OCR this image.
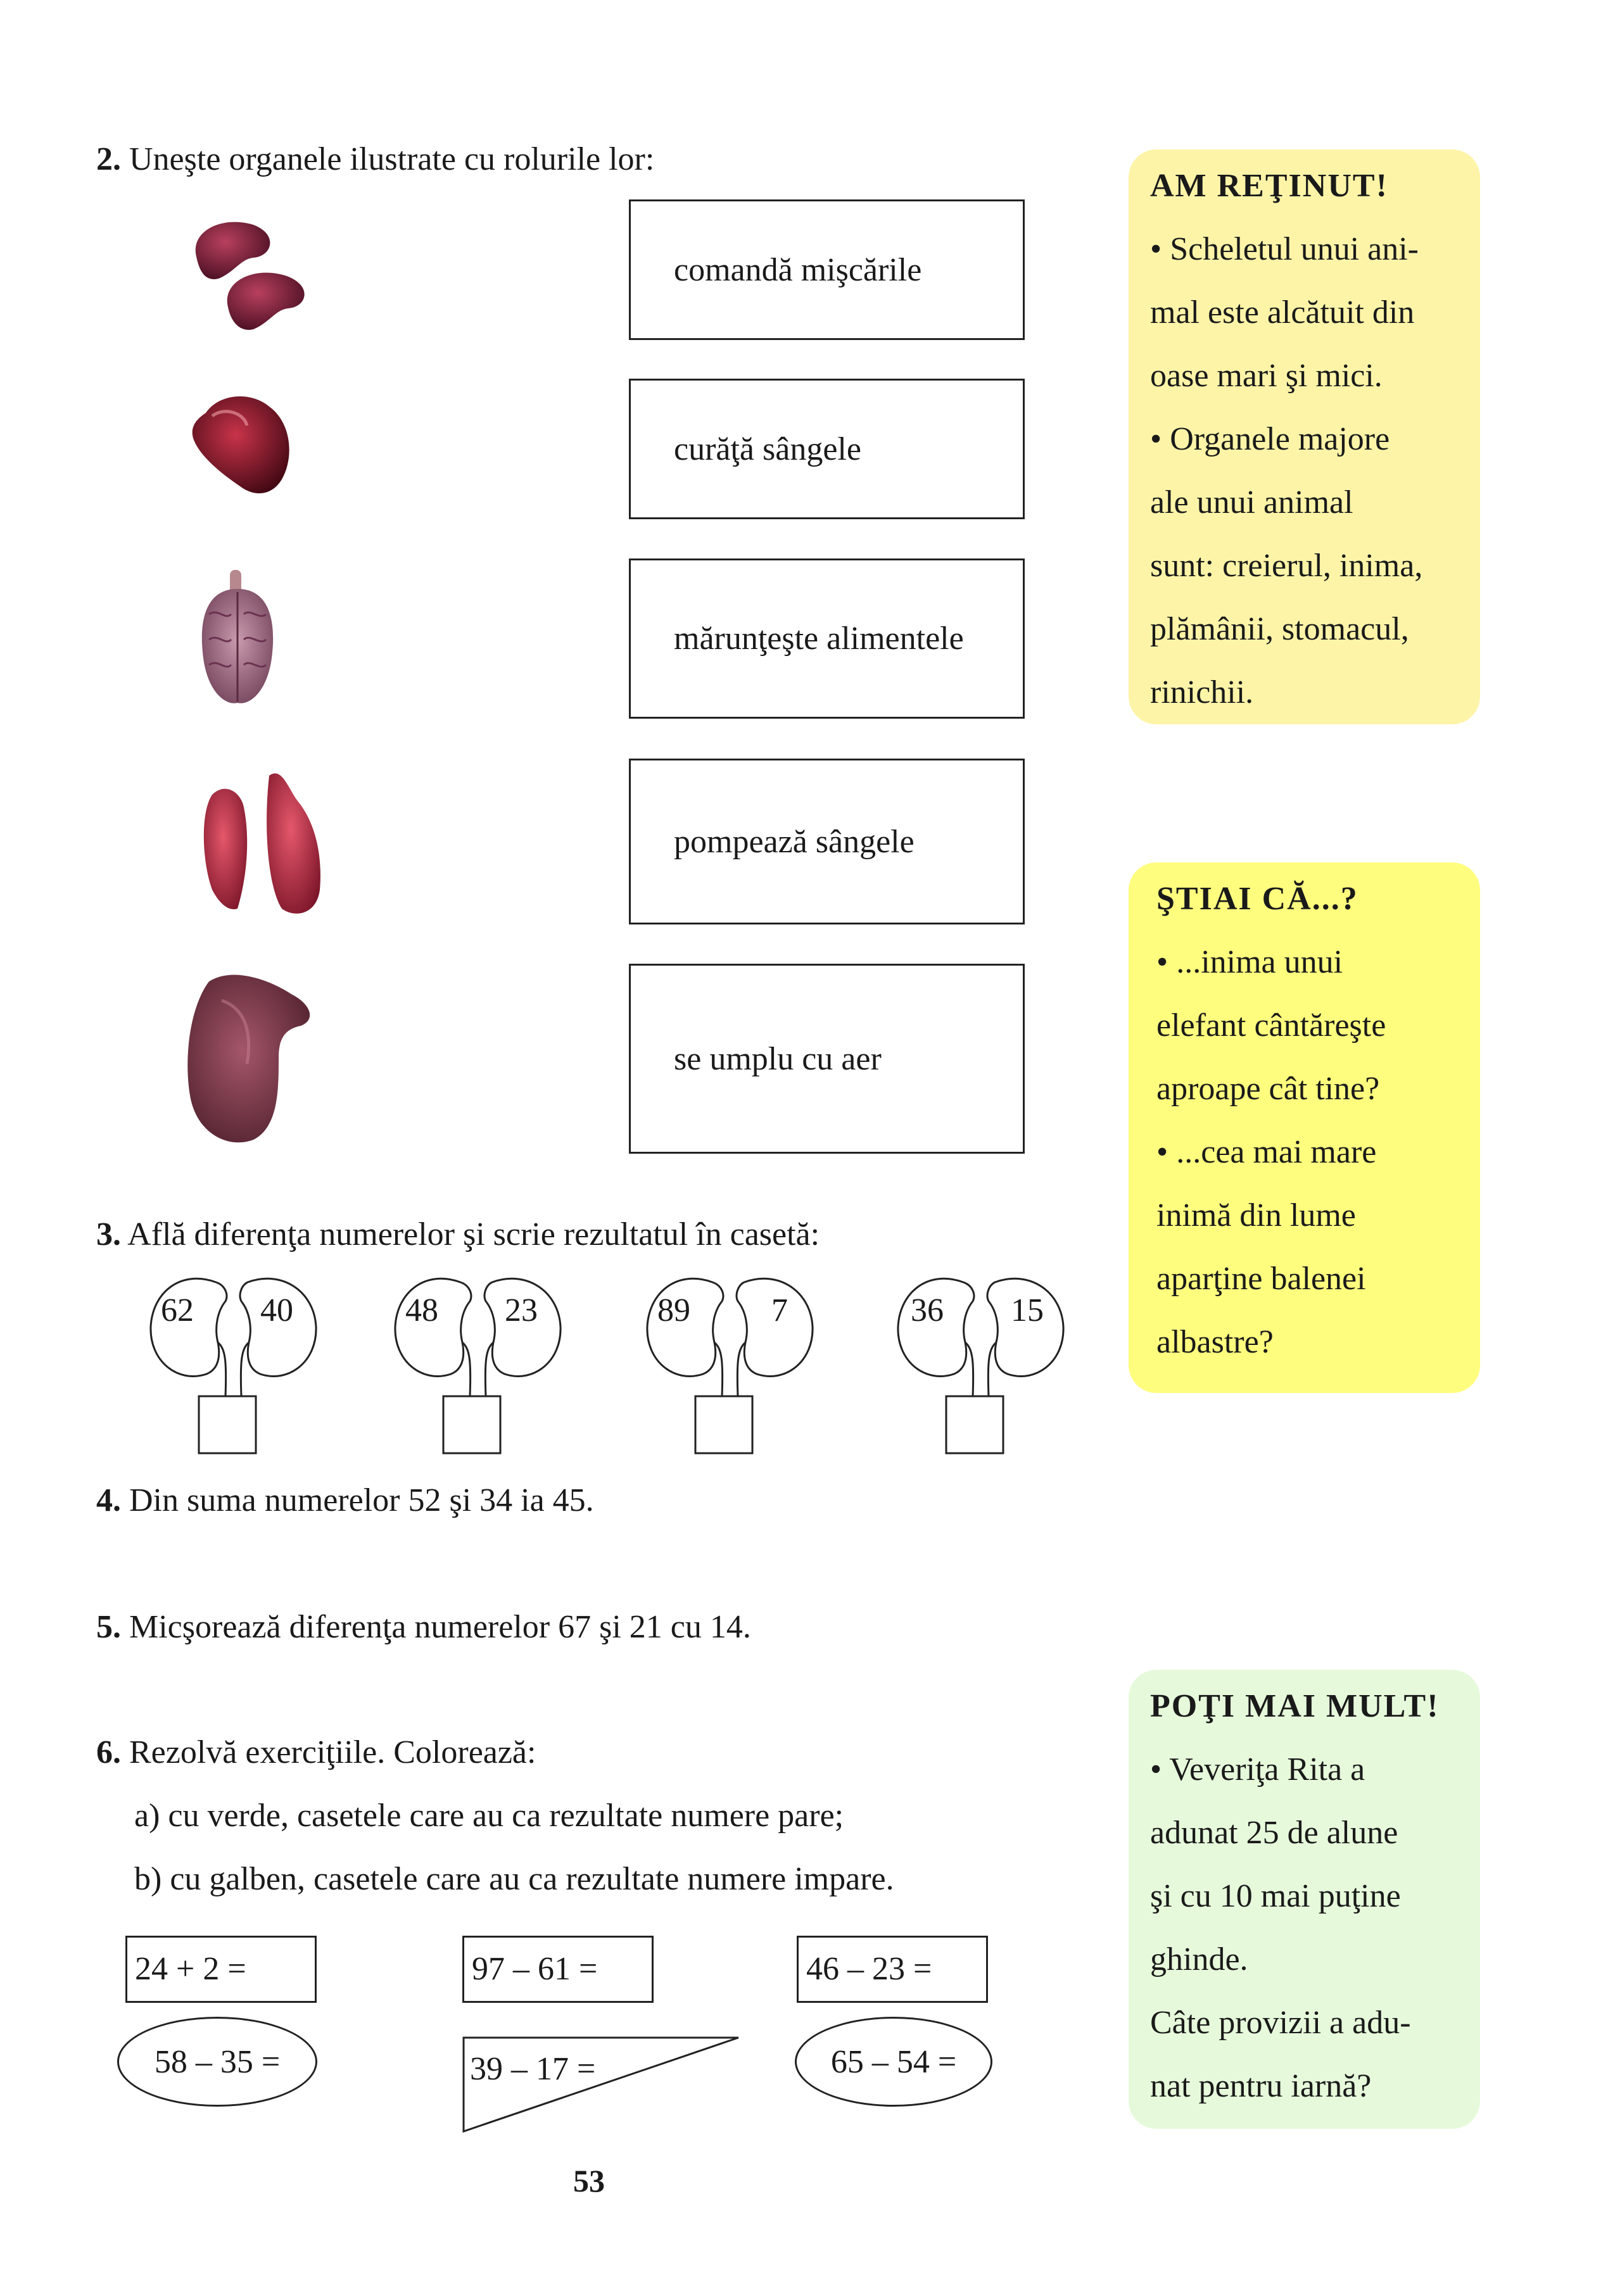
2. Uneşte organele ilustrate cu rolurile lor:
comandă mişcările
curăţă sângele
mărunţeşte alimentele
pompează sângele
se umplu cu aer
3. Află diferenţa numerelor şi scrie rezultatul în casetă:
62 40	48 23	89 7	36 15
4. Din suma numerelor 52 şi 34 ia 45.
5. Micşorează diferenţa numerelor 67 şi 21 cu 14.
6. Rezolvă exerciţiile. Colorează:
a) cu verde, casetele care au ca rezultate numere pare;
b) cu galben, casetele care au ca rezultate numere impare.
24 + 2 =	97 – 61 =	46 – 23 =
58 – 35 =	39 – 17 =	65 – 54 =
53
AM REŢINUT!
• Scheletul unui ani-
mal este alcătuit din
oase mari şi mici.
• Organele majore
ale unui animal
sunt: creierul, inima,
plămânii, stomacul,
rinichii.
ŞTIAI CĂ...?
• ...inima unui
elefant cântăreşte
aproape cât tine?
• ...cea mai mare
inimă din lume
aparţine balenei
albastre?
POŢI MAI MULT!
• Veveriţa Rita a
adunat 25 de alune
şi cu 10 mai puţine
ghinde.
Câte provizii a adu-
nat pentru iarnă?
